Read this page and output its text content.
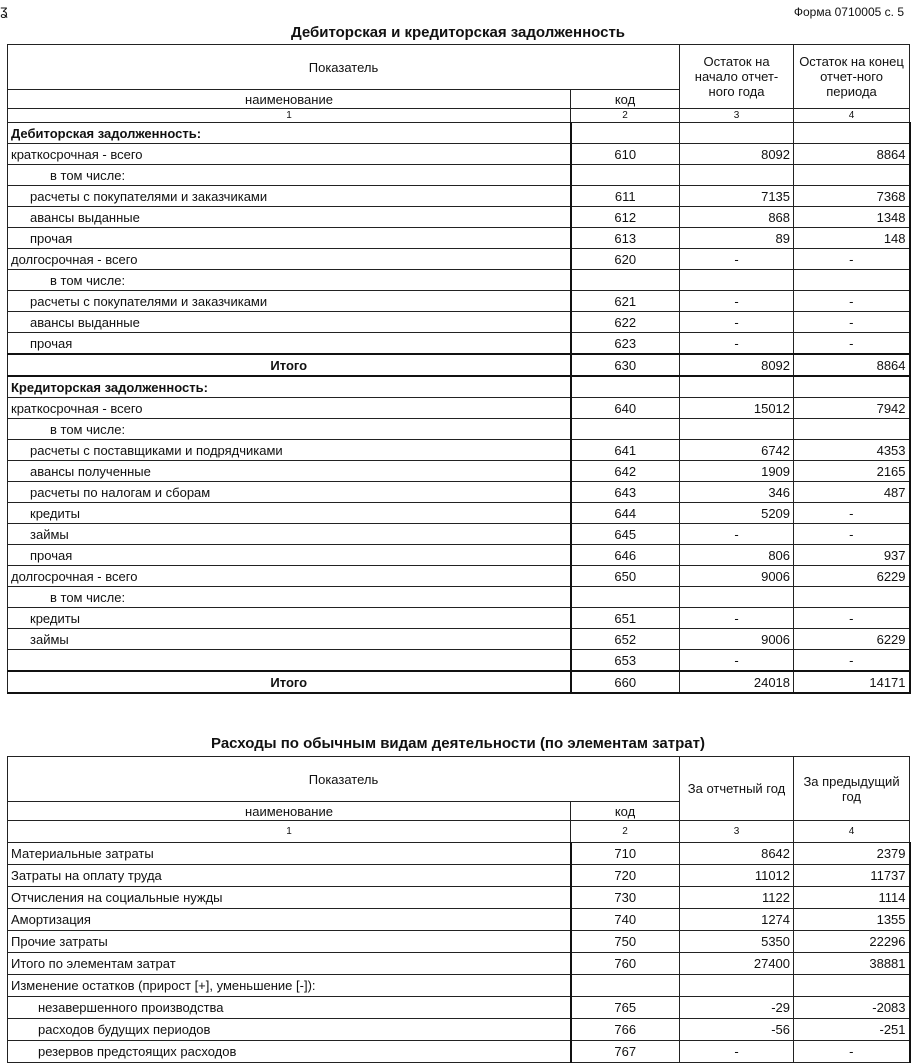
ʓ	Форма 0710005 с. 5
Дебиторская и кредиторская задолженность
Показатель		Остаток на начало отчет-ного года	Остаток на конец отчет-ного периода
наименование	код		
1	2	3	4
Дебиторская задолженность:			
краткосрочная - всего	610	8092	8864
в том числе:			
расчеты с покупателями и заказчиками	611	7135	7368
авансы выданные	612	868	1348
прочая	613	89	148
долгосрочная - всего	620	-	-
в том числе:			
расчеты с покупателями и заказчиками	621	-	-
авансы выданные	622	-	-
прочая	623	-	-
Итого	630	8092	8864
Кредиторская задолженность:			
краткосрочная - всего	640	15012	7942
в том числе:			
расчеты с поставщиками и подрядчиками	641	6742	4353
авансы полученные	642	1909	2165
расчеты по налогам и сборам	643	346	487
кредиты	644	5209	-
займы	645	-	-
прочая	646	806	937
долгосрочная - всего	650	9006	6229
в том числе:			
кредиты	651	-	-
займы	652	9006	6229
	653	-	-
Итого	660	24018	14171
Расходы по обычным видам деятельности (по элементам затрат)
Показатель		За отчетный год	За предыдущий год
наименование	код		
1	2	3	4
Материальные затраты	710	8642	2379
Затраты на оплату труда	720	11012	11737
Отчисления на социальные нужды	730	1122	1114
Амортизация	740	1274	1355
Прочие затраты	750	5350	22296
Итого по элементам затрат	760	27400	38881
Изменение остатков (прирост [+], уменьшение [-]):			
незавершенного производства	765	-29	-2083
расходов будущих периодов	766	-56	-251
резервов предстоящих расходов	767	-	-
